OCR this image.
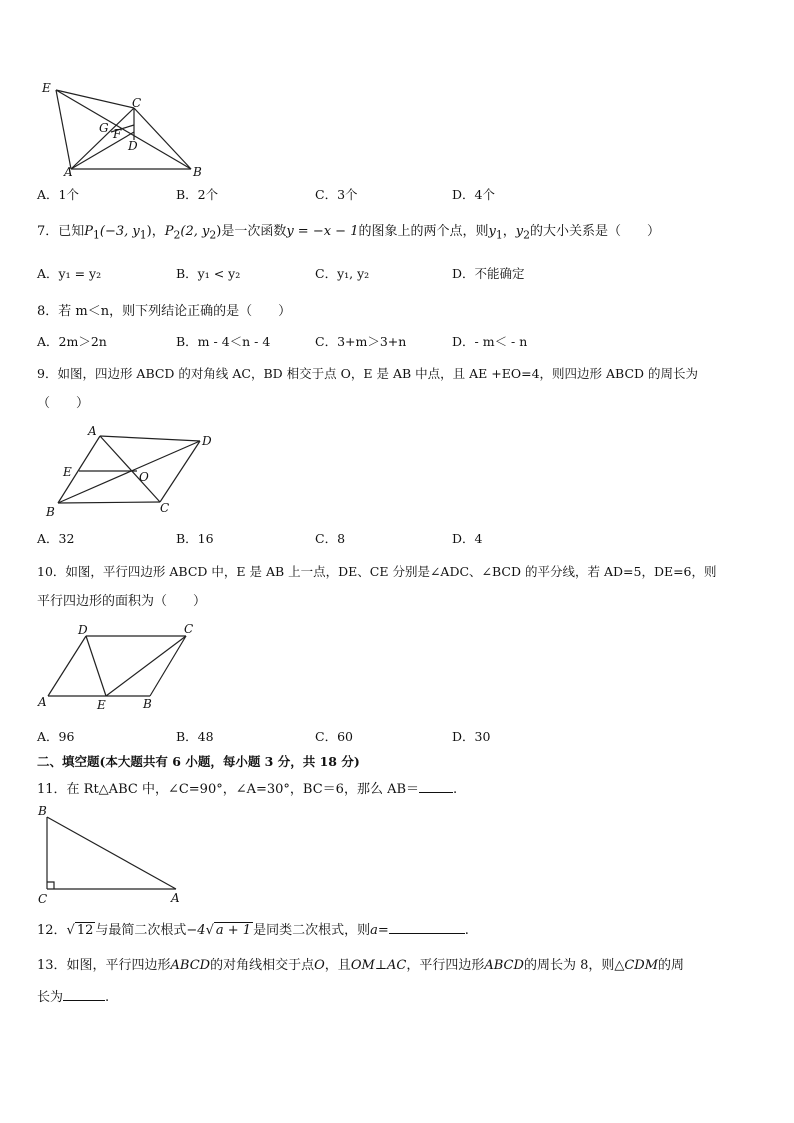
E
C
G F
D
A	B
A．1个	B．2个	C．3个	D．4个
7．已知$P_1(-3$, $y_1$)，$P_2(2$, $y_2$)是一次函数y = −x − 1的图象上的两个点，则$y_1$，$y_2$的大小关系是（　　）
A．y₁ = y₂	B．y₁ < y₂	C．y₁, y₂	D．不能确定
8．若 m＜n，则下列结论正确的是（　　）
A．2m＞2n	B．m - 4＜n - 4	C．3+m＞3+n	D．- m＜ - n
9．如图，四边形 ABCD 的对角线 AC，BD 相交于点 O，E 是 AB 中点，且 AE +EO=4，则四边形 ABCD 的周长为
（　　）
A
D
E	O
B	C
A．32	B．16	C．8	D．4
10．如图，平行四边形 ABCD 中，E 是 AB 上一点，DE、CE 分别是∠ADC、∠BCD 的平分线，若 AD=5，DE=6，则
平行四边形的面积为（　　）
D	C
A	E	B
A．96	B．48	C．60	D．30
二、填空题(本大题共有 6 小题，每小题 3 分，共 18 分)
11．在 Rt△ABC 中，∠C=90°，∠A=30°，BC＝6，那么 AB＝	.
B
C	A
12．√ 12 与最简二次根式−4√ a + 1 是同类二次根式，则a=	.
13．如图，平行四边形ABCD的对角线相交于点O，且OM⊥AC，平行四边形ABCD的周长为 8，则△CDM的周
长为	.
